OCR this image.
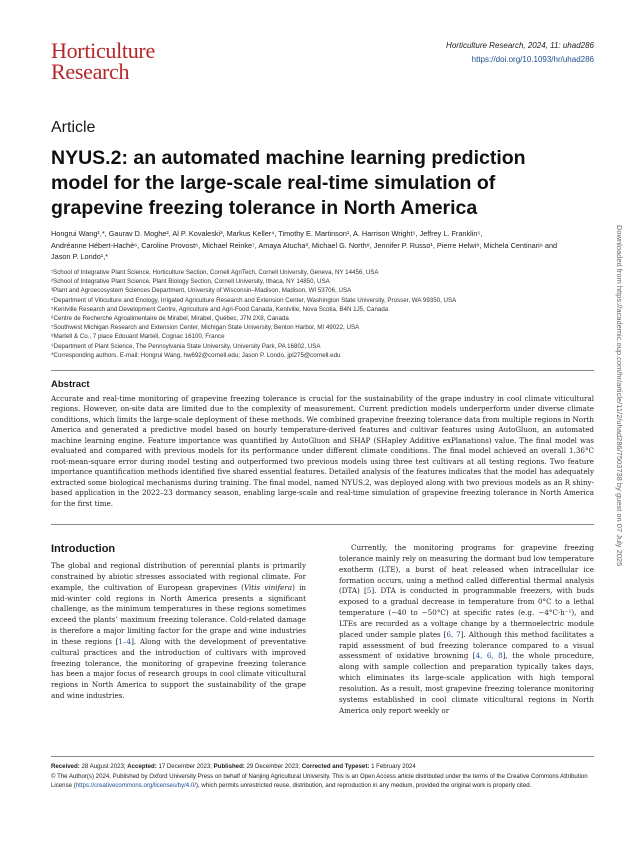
Horticulture
Research
Horticulture Research, 2024, 11: uhad286
https://doi.org/10.1093/hr/uhad286
Article
NYUS.2: an automated machine learning prediction model for the large-scale real-time simulation of grapevine freezing tolerance in North America
Hongrui Wang¹,*, Gaurav D. Moghe², Al P. Kovaleski³, Markus Keller⁴, Timothy E. Martinson¹, A. Harrison Wright⁵, Jeffrey L. Franklin⁵,
Andréanne Hébert-Haché⁶, Caroline Provost⁶, Michael Reinke⁷, Amaya Atucha³, Michael G. North⁸, Jennifer P. Russo¹, Pierre Helwi⁸, Michela Centinari⁹ and
Jason P. Londo¹,*
¹School of Integrative Plant Science, Horticulture Section, Cornell AgriTech, Cornell University, Geneva, NY 14456, USA
²School of Integrative Plant Science, Plant Biology Section, Cornell University, Ithaca, NY 14850, USA
³Plant and Agroecosystem Sciences Department, University of Wisconsin–Madison, Madison, WI 53706, USA
⁴Department of Viticulture and Enology, Irrigated Agriculture Research and Extension Center, Washington State University, Prosser, WA 99350, USA
⁵Kentville Research and Development Centre, Agriculture and Agri-Food Canada, Kentville, Nova Scotia, B4N 1J5, Canada
⁶Centre de Recherche Agroalimentaire de Mirabel, Mirabel, Québec, J7N 2X8, Canada
⁷Southwest Michigan Research and Extension Center, Michigan State University, Benton Harbor, MI 49022, USA
⁸Martell & Co., 7 place Edouard Martell, Cognac 16100, France
⁹Department of Plant Science, The Pennsylvania State University, University Park, PA 16802, USA
*Corresponding authors. E-mail: Hongrui Wang, hw692@cornell.edu; Jason P. Londo, jpl275@cornell.edu
Abstract
Accurate and real-time monitoring of grapevine freezing tolerance is crucial for the sustainability of the grape industry in cool climate viticultural regions. However, on-site data are limited due to the complexity of measurement. Current prediction models underperform under diverse climate conditions, which limits the large-scale deployment of these methods. We combined grapevine freezing tolerance data from multiple regions in North America and generated a predictive model based on hourly temperature-derived features and cultivar features using AutoGluon, an automated machine learning engine. Feature importance was quantified by AutoGluon and SHAP (SHapley Additive exPlanations) value. The final model was evaluated and compared with previous models for its performance under different climate conditions. The final model achieved an overall 1.36°C root-mean-square error during model testing and outperformed two previous models using three test cultivars at all testing regions. Two feature importance quantification methods identified five shared essential features. Detailed analysis of the features indicates that the model has adequately extracted some biological mechanisms during training. The final model, named NYUS.2, was deployed along with two previous models as an R shiny-based application in the 2022–23 dormancy season, enabling large-scale and real-time simulation of grapevine freezing tolerance in North America for the first time.
Introduction
The global and regional distribution of perennial plants is primarily constrained by abiotic stresses associated with regional climate. For example, the cultivation of European grapevines (Vitis vinifera) in mid-winter cold regions in North America presents a significant challenge, as the minimum temperatures in these regions sometimes exceed the plants’ maximum freezing tolerance. Cold-related damage is therefore a major limiting factor for the grape and wine industries in these regions [1–4]. Along with the development of preventative cultural practices and the introduction of cultivars with improved freezing tolerance, the monitoring of grapevine freezing tolerance has been a major focus of research groups in cool climate viticultural regions in North America to support the sustainability of the grape and wine industries.
Currently, the monitoring programs for grapevine freezing tolerance mainly rely on measuring the dormant bud low temperature exotherm (LTE), a burst of heat released when intracellular ice formation occurs, using a method called differential thermal analysis (DTA) [5]. DTA is conducted in programmable freezers, with buds exposed to a gradual decrease in temperature from 0°C to a lethal temperature (−40 to −50°C) at specific rates (e.g. −4°C·h⁻¹), and LTEs are recorded as a voltage change by a thermoelectric module placed under sample plates [6, 7]. Although this method facilitates a rapid assessment of bud freezing tolerance compared to a visual assessment of oxidative browning [4, 6, 8], the whole procedure, along with sample collection and preparation typically takes days, which eliminates its large-scale application with high temporal resolution. As a result, most grapevine freezing tolerance monitoring systems established in cool climate viticultural regions in North America only report weekly or
Received: 28 August 2023; Accepted: 17 December 2023; Published: 29 December 2023; Corrected and Typeset: 1 February 2024
© The Author(s) 2024. Published by Oxford University Press on behalf of Nanjing Agricultural University. This is an Open Access article distributed under the terms of the Creative Commons Attribution License (https://creativecommons.org/licenses/by/4.0/), which permits unrestricted reuse, distribution, and reproduction in any medium, provided the original work is properly cited.
Downloaded from https://academic.oup.com/hr/article/11/2/uhad286/7503738 by guest on 07 July 2025
